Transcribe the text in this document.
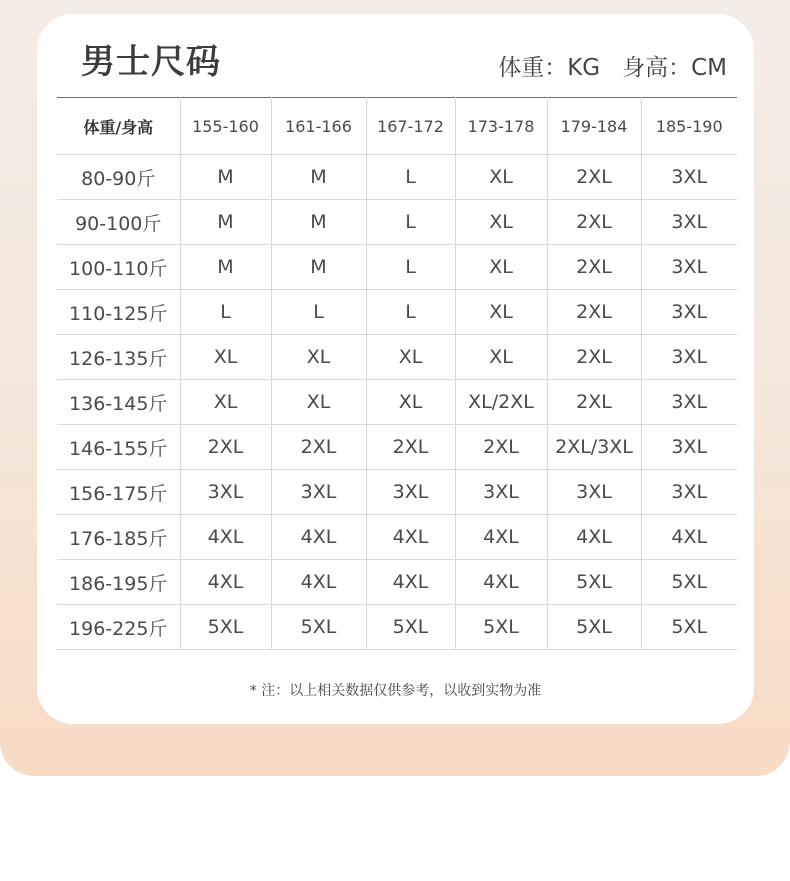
男士尺码	体重：KG 身高：CM
体重/身高	155-160	161-166	167-172	173-178	179-184	185-190
80-90斤	M	M	L	XL	2XL	3XL
90-100斤	M	M	L	XL	2XL	3XL
100-110斤	M	M	L	XL	2XL	3XL
110-125斤	L	L	L	XL	2XL	3XL
126-135斤	XL	XL	XL	XL	2XL	3XL
136-145斤	XL	XL	XL	XL/2XL	2XL	3XL
146-155斤	2XL	2XL	2XL	2XL	2XL/3XL	3XL
156-175斤	3XL	3XL	3XL	3XL	3XL	3XL
176-185斤	4XL	4XL	4XL	4XL	4XL	4XL
186-195斤	4XL	4XL	4XL	4XL	5XL	5XL
196-225斤	5XL	5XL	5XL	5XL	5XL	5XL
* 注：以上相关数据仅供参考，以收到实物为准
